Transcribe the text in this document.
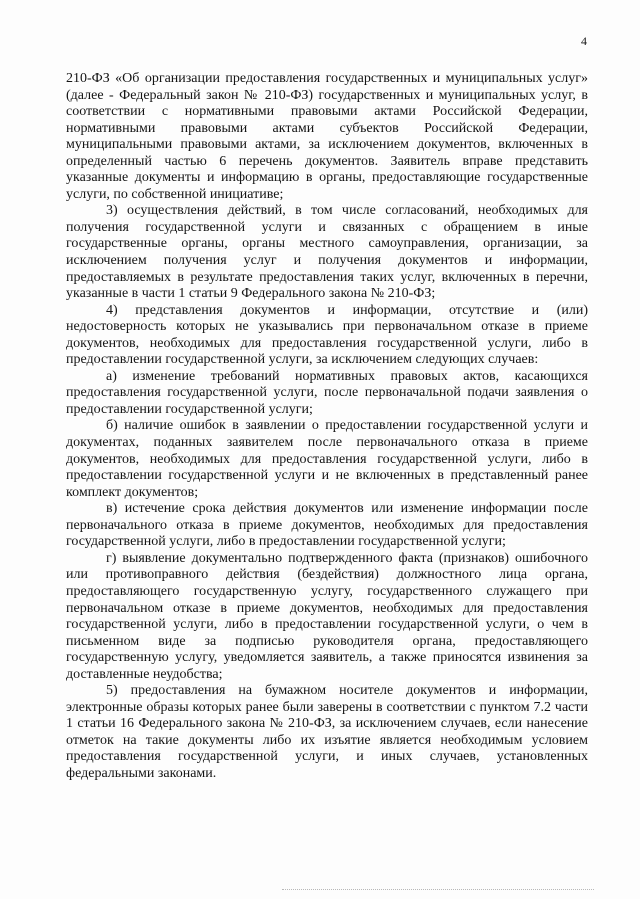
4

210-ФЗ «Об организации предоставления государственных и муниципальных услуг» (далее - Федеральный закон № 210-ФЗ) государственных и муниципальных услуг, в соответствии с нормативными правовыми актами Российской Федерации, нормативными правовыми актами субъектов Российской Федерации, муниципальными правовыми актами, за исключением документов, включенных в определенный частью 6 перечень документов. Заявитель вправе представить указанные документы и информацию в органы, предоставляющие государственные услуги, по собственной инициативе;

3) осуществления действий, в том числе согласований, необходимых для получения государственной услуги и связанных с обращением в иные государственные органы, органы местного самоуправления, организации, за исключением получения услуг и получения документов и информации, предоставляемых в результате предоставления таких услуг, включенных в перечни, указанные в части 1 статьи 9 Федерального закона № 210-ФЗ;

4) представления документов и информации, отсутствие и (или) недостоверность которых не указывались при первоначальном отказе в приеме документов, необходимых для предоставления государственной услуги, либо в предоставлении государственной услуги, за исключением следующих случаев:

а) изменение требований нормативных правовых актов, касающихся предоставления государственной услуги, после первоначальной подачи заявления о предоставлении государственной услуги;

б) наличие ошибок в заявлении о предоставлении государственной услуги и документах, поданных заявителем после первоначального отказа в приеме документов, необходимых для предоставления государственной услуги, либо в предоставлении государственной услуги и не включенных в представленный ранее комплект документов;

в) истечение срока действия документов или изменение информации после первоначального отказа в приеме документов, необходимых для предоставления государственной услуги, либо в предоставлении государственной услуги;

г) выявление документально подтвержденного факта (признаков) ошибочного или противоправного действия (бездействия) должностного лица органа, предоставляющего государственную услугу, государственного служащего при первоначальном отказе в приеме документов, необходимых для предоставления государственной услуги, либо в предоставлении государственной услуги, о чем в письменном виде за подписью руководителя органа, предоставляющего государственную услугу, уведомляется заявитель, а также приносятся извинения за доставленные неудобства;

5) предоставления на бумажном носителе документов и информации, электронные образы которых ранее были заверены в соответствии с пунктом 7.2 части 1 статьи 16 Федерального закона № 210-ФЗ, за исключением случаев, если нанесение отметок на такие документы либо их изъятие является необходимым условием предоставления государственной услуги, и иных случаев, установленных федеральными законами.
